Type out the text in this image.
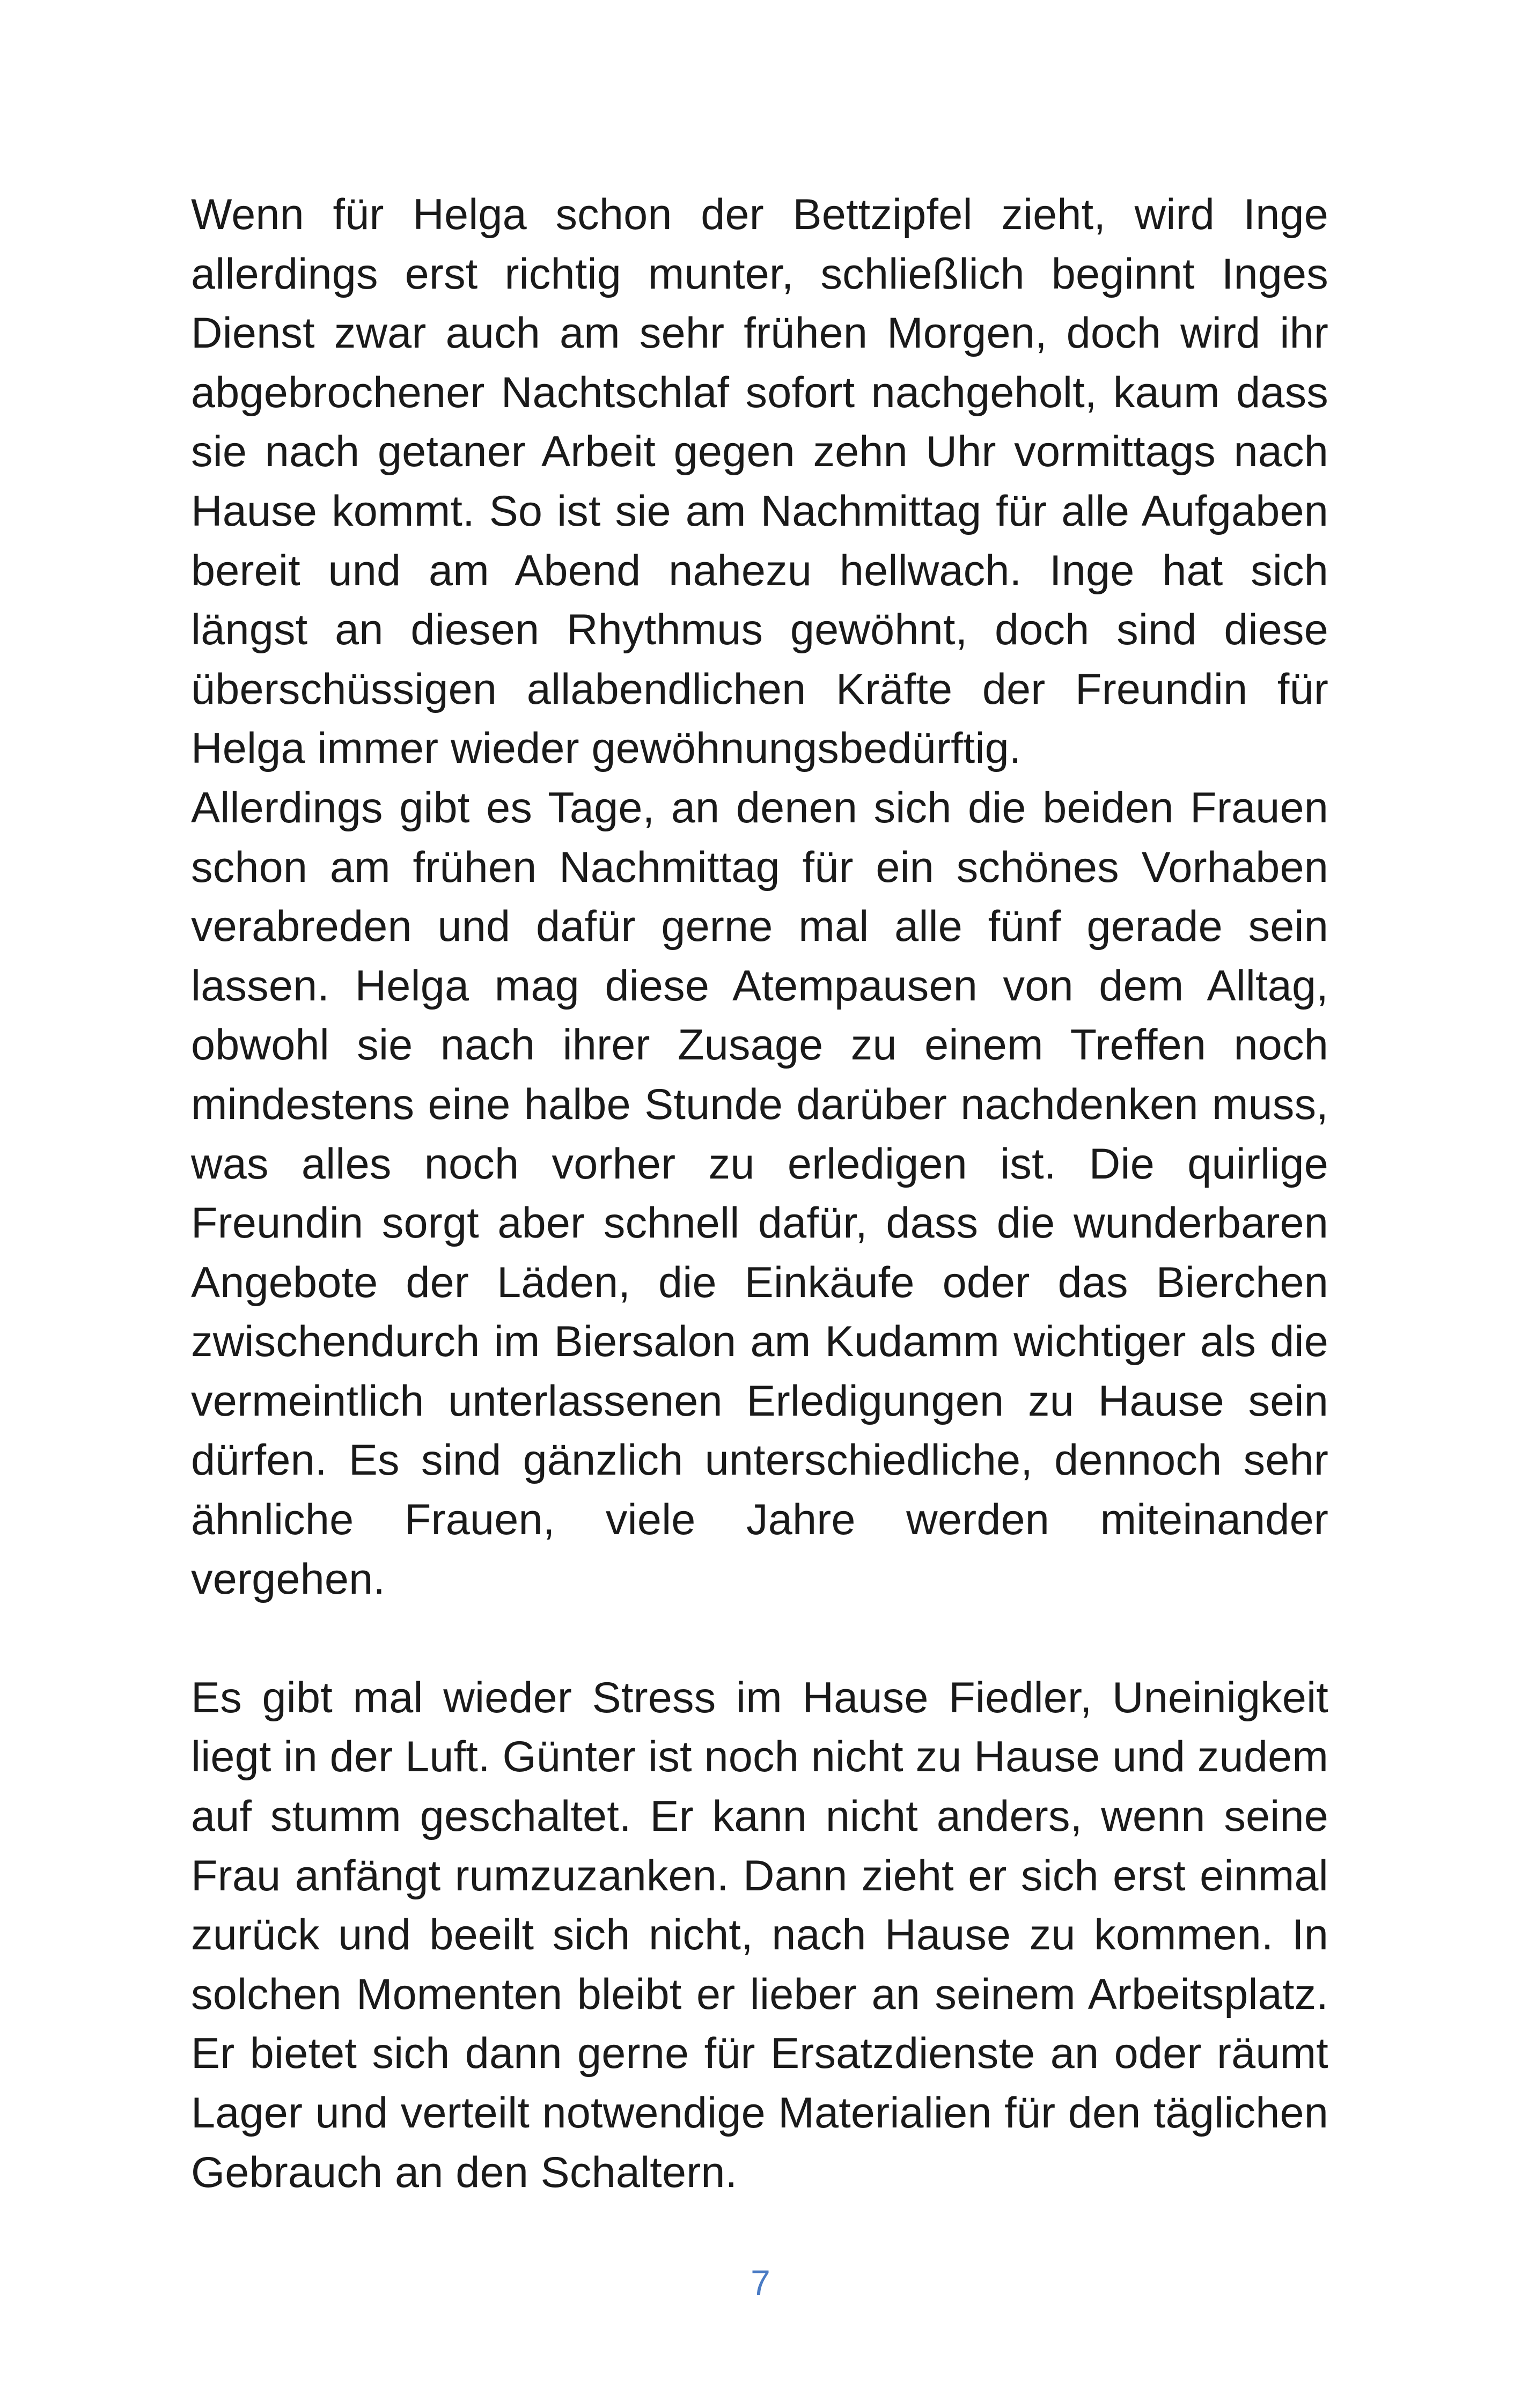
Wenn für Helga schon der Bettzipfel zieht, wird Inge allerdings erst richtig munter, schließlich beginnt Inges Dienst zwar auch am sehr frühen Morgen, doch wird ihr abgebrochener Nachtschlaf sofort nachgeholt, kaum dass sie nach getaner Arbeit gegen zehn Uhr vormittags nach Hause kommt. So ist sie am Nachmittag für alle Aufgaben bereit und am Abend nahezu hellwach. Inge hat sich längst an diesen Rhythmus gewöhnt, doch sind diese überschüssigen allabendlichen Kräfte der Freundin für Helga immer wieder gewöhnungsbedürftig.

Allerdings gibt es Tage, an denen sich die beiden Frauen schon am frühen Nachmittag für ein schönes Vorhaben verabreden und dafür gerne mal alle fünf gerade sein lassen. Helga mag diese Atempausen von dem Alltag, obwohl sie nach ihrer Zusage zu einem Treffen noch mindestens eine halbe Stunde darüber nachdenken muss, was alles noch vorher zu erledigen ist. Die quirlige Freundin sorgt aber schnell dafür, dass die wunderbaren Angebote der Läden, die Einkäufe oder das Bierchen zwischendurch im Biersalon am Kudamm wichtiger als die vermeintlich unterlassenen Erledigungen zu Hause sein dürfen. Es sind gänzlich unterschiedliche, dennoch sehr ähnliche Frauen, viele Jahre werden miteinander vergehen.

Es gibt mal wieder Stress im Hause Fiedler, Uneinigkeit liegt in der Luft. Günter ist noch nicht zu Hause und zudem auf stumm geschaltet. Er kann nicht anders, wenn seine Frau anfängt rumzuzanken. Dann zieht er sich erst einmal zurück und beeilt sich nicht, nach Hause zu kommen. In solchen Momenten bleibt er lieber an seinem Arbeitsplatz. Er bietet sich dann gerne für Ersatzdienste an oder räumt Lager und verteilt notwendige Materialien für den täglichen Gebrauch an den Schaltern.

7
